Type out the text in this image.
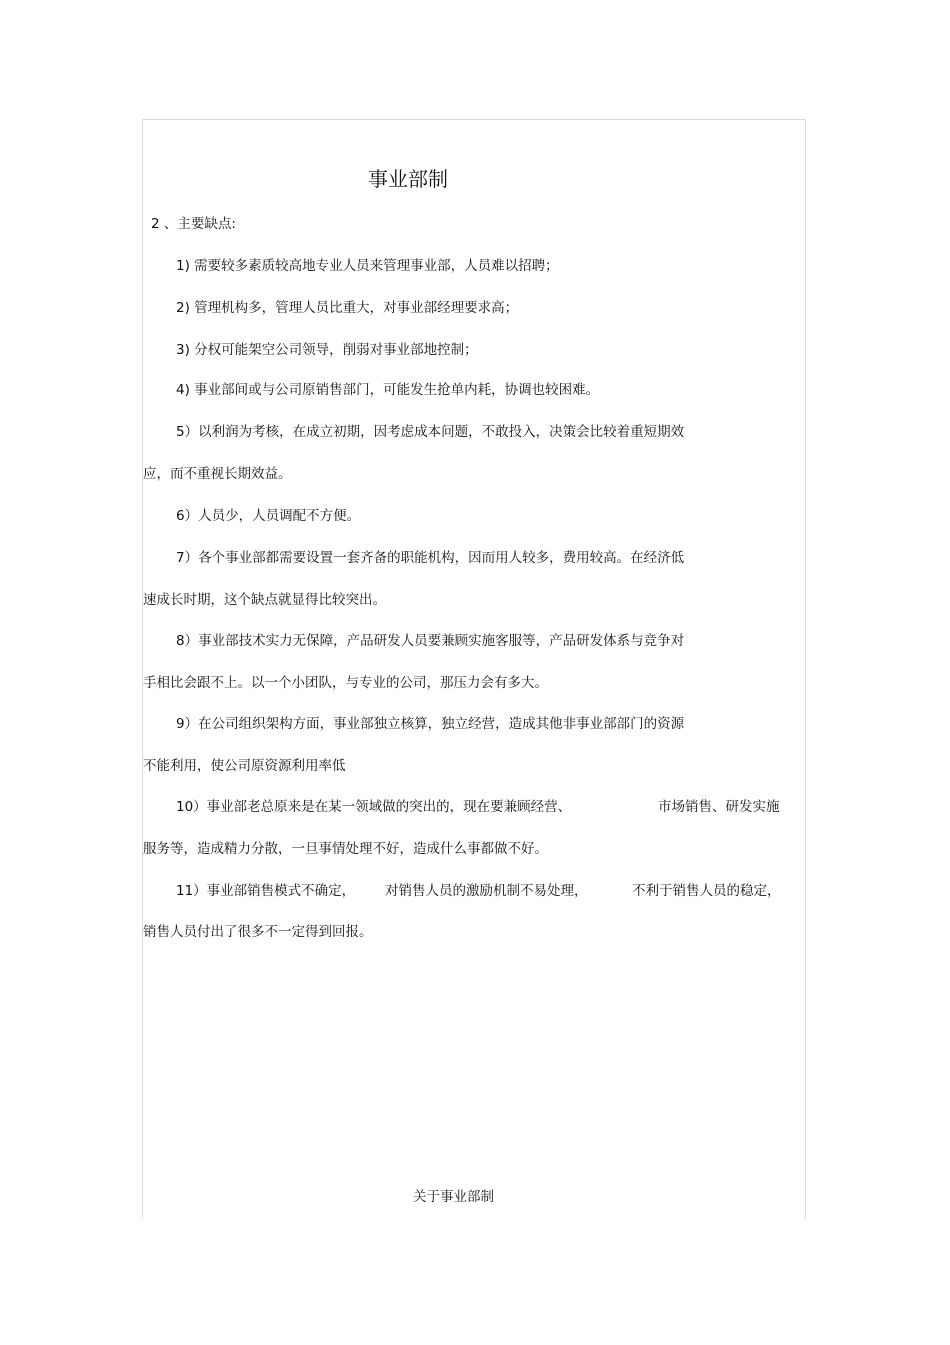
事业部制
2 、主要缺点:
1) 需要较多素质较高地专业人员来管理事业部，人员难以招聘；
2) 管理机构多，管理人员比重大，对事业部经理要求高；
3) 分权可能架空公司领导，削弱对事业部地控制；
4) 事业部间或与公司原销售部门，可能发生抢单内耗，协调也较困难。
5）以利润为考核，在成立初期，因考虑成本问题，不敢投入，决策会比较着重短期效
应，而不重视长期效益。
6）人员少，人员调配不方便。
7）各个事业部都需要设置一套齐备的职能机构，因而用人较多，费用较高。在经济低
速成长时期，这个缺点就显得比较突出。
8）事业部技术实力无保障，产品研发人员要兼顾实施客服等，产品研发体系与竞争对
手相比会跟不上。以一个小团队，与专业的公司，那压力会有多大。
9）在公司组织架构方面，事业部独立核算，独立经营，造成其他非事业部部门的资源
不能利用，使公司原资源利用率低
10）事业部老总原来是在某一领域做的突出的，现在要兼顾经营、	市场销售、研发实施
服务等，造成精力分散，一旦事情处理不好，造成什么事都做不好。
11）事业部销售模式不确定， 对销售人员的激励机制不易处理，	不利于销售人员的稳定，
销售人员付出了很多不一定得到回报。
关于事业部制
